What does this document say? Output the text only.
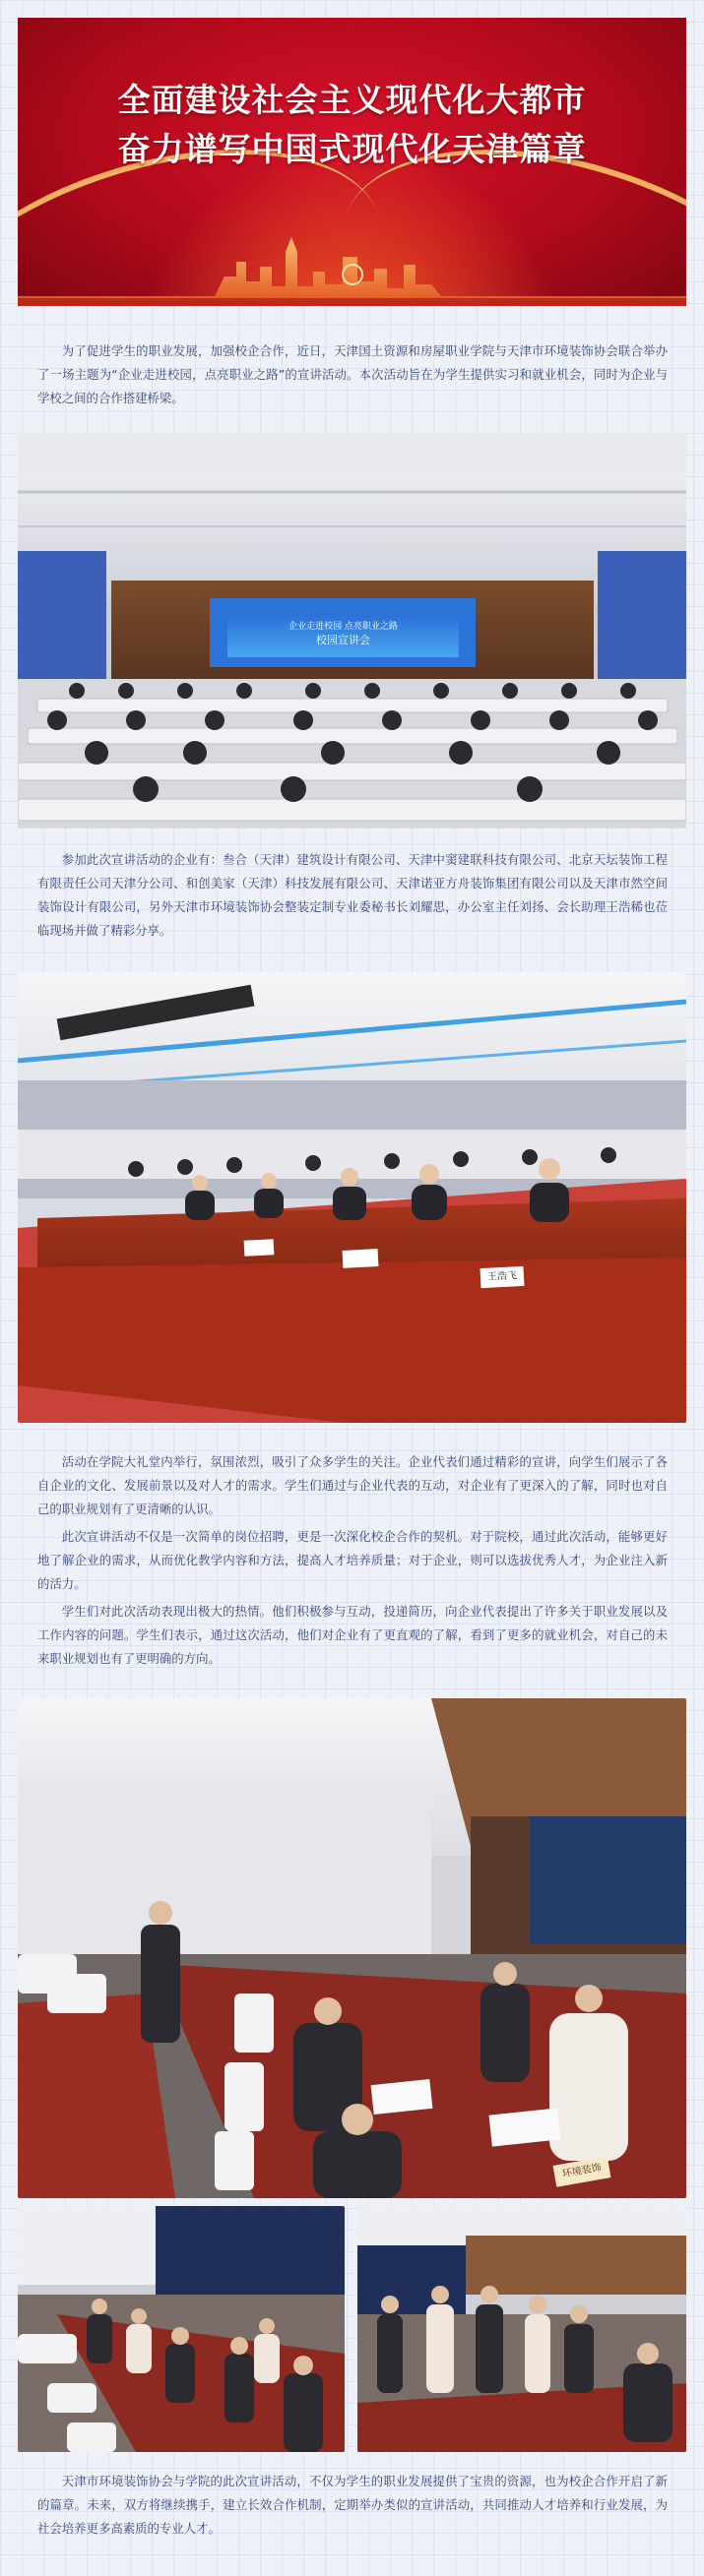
全面建设社会主义现代化大都市
奋力谱写中国式现代化天津篇章
为了促进学生的职业发展，加强校企合作，近日，天津国土资源和房屋职业学院与天津市环境装饰协会联合举办了一场主题为“企业走进校园，点亮职业之路”的宣讲活动。本次活动旨在为学生提供实习和就业机会，同时为企业与学校之间的合作搭建桥梁。
企业走进校园 点亮职业之路
校园宣讲会
参加此次宣讲活动的企业有：叁合（天津）建筑设计有限公司、天津中窦建联科技有限公司、北京天坛装饰工程有限责任公司天津分公司、和创美家（天津）科技发展有限公司、天津诺亚方舟装饰集团有限公司以及天津市然空间装饰设计有限公司，另外天津市环境装饰协会整装定制专业委秘书长刘耀思，办公室主任刘扬、会长助理王浩稀也莅临现场并做了精彩分享。
王浩飞
活动在学院大礼堂内举行，氛围浓烈，吸引了众多学生的关注。企业代表们通过精彩的宣讲，向学生们展示了各自企业的文化、发展前景以及对人才的需求。学生们通过与企业代表的互动，对企业有了更深入的了解，同时也对自己的职业规划有了更清晰的认识。
此次宣讲活动不仅是一次简单的岗位招聘，更是一次深化校企合作的契机。对于院校，通过此次活动，能够更好地了解企业的需求，从而优化教学内容和方法，提高人才培养质量；对于企业，则可以选拔优秀人才，为企业注入新的活力。
学生们对此次活动表现出极大的热情。他们积极参与互动，投递简历，向企业代表提出了许多关于职业发展以及工作内容的问题。学生们表示，通过这次活动，他们对企业有了更直观的了解，看到了更多的就业机会，对自己的未来职业规划也有了更明确的方向。
环境装饰
天津市环境装饰协会与学院的此次宣讲活动，不仅为学生的职业发展提供了宝贵的资源，也为校企合作开启了新的篇章。未来，双方将继续携手，建立长效合作机制，定期举办类似的宣讲活动，共同推动人才培养和行业发展，为社会培养更多高素质的专业人才。
